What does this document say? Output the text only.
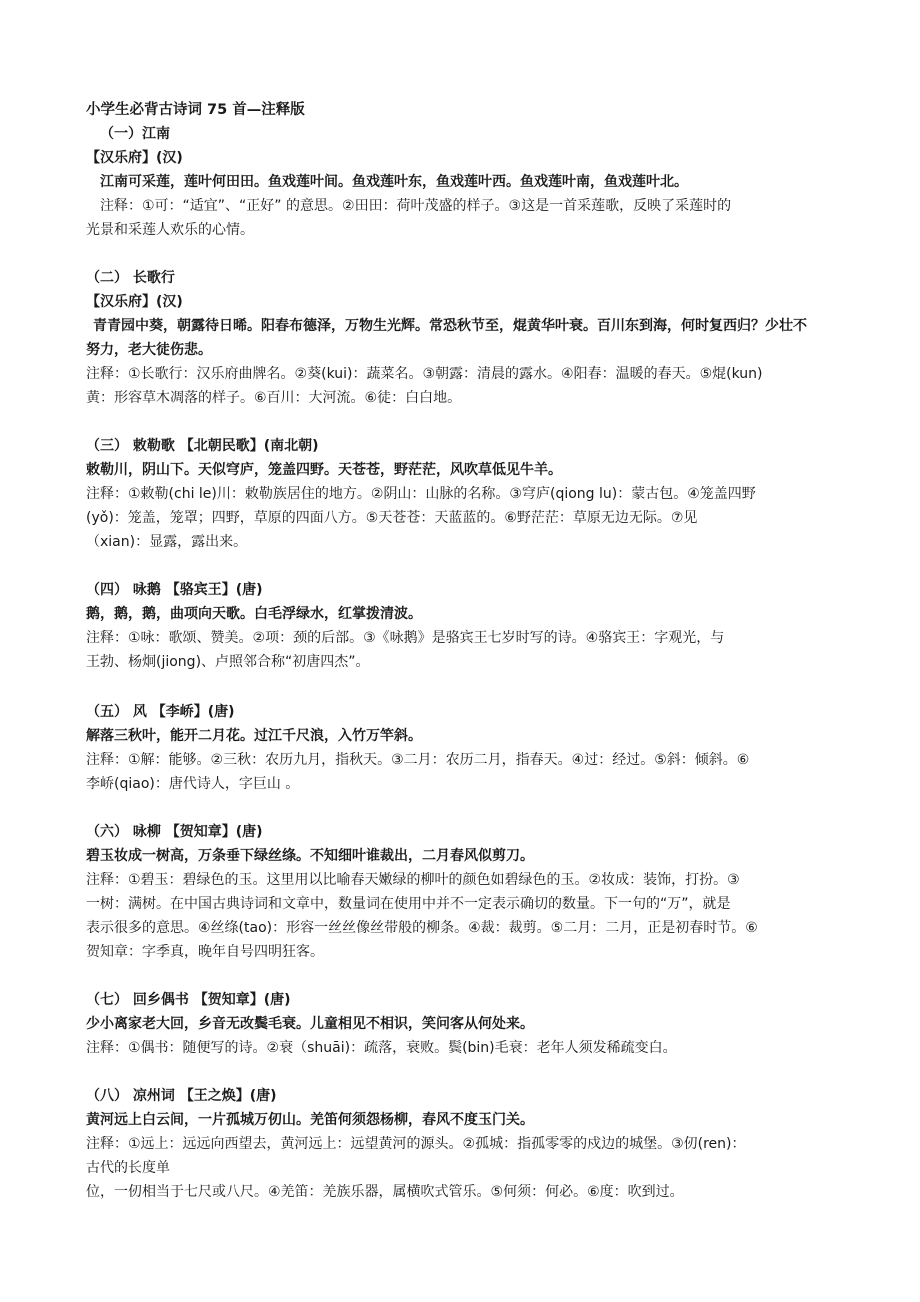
小学生必背古诗词 75 首—注释版
（一）江南
【汉乐府】(汉)
江南可采莲，莲叶何田田。鱼戏莲叶间。鱼戏莲叶东，鱼戏莲叶西。鱼戏莲叶南，鱼戏莲叶北。
注释：①可：“适宜”、“正好” 的意思。②田田：荷叶茂盛的样子。③这是一首采莲歌，反映了采莲时的
光景和采莲人欢乐的心情。
（二） 长歌行
【汉乐府】(汉)
青青园中葵，朝露待日晞。阳春布德泽，万物生光辉。常恐秋节至，焜黄华叶衰。百川东到海，何时复西归？少壮不
努力，老大徒伤悲。
注释：①长歌行：汉乐府曲牌名。②葵(kui)：蔬菜名。③朝露：清晨的露水。④阳春：温暖的春天。⑤焜(kun)
黄：形容草木凋落的样子。⑥百川：大河流。⑥徒：白白地。
（三） 敕勒歌 【北朝民歌】(南北朝)
敕勒川，阴山下。天似穹庐，笼盖四野。天苍苍，野茫茫，风吹草低见牛羊。
注释：①敕勒(chi le)川：敕勒族居住的地方。②阴山：山脉的名称。③穹庐(qiong lu)：蒙古包。④笼盖四野
(yǒ)：笼盖，笼罩；四野，草原的四面八方。⑤天苍苍：天蓝蓝的。⑥野茫茫：草原无边无际。⑦见
（xian)：显露，露出来。
（四） 咏鹅 【骆宾王】(唐)
鹅，鹅，鹅，曲项向天歌。白毛浮绿水，红掌拨清波。
注释：①咏：歌颂、赞美。②项：颈的后部。③《咏鹅》是骆宾王七岁时写的诗。④骆宾王：字观光，与
王勃、杨炯(jiong)、卢照邻合称“初唐四杰”。
（五） 风 【李峤】(唐)
解落三秋叶，能开二月花。过江千尺浪，入竹万竿斜。
注释：①解：能够。②三秋：农历九月，指秋天。③二月：农历二月，指春天。④过：经过。⑤斜：倾斜。⑥
李峤(qiao)：唐代诗人，字巨山 。
（六） 咏柳 【贺知章】(唐)
碧玉妆成一树高，万条垂下绿丝绦。不知细叶谁裁出，二月春风似剪刀。
注释：①碧玉：碧绿色的玉。这里用以比喻春天嫩绿的柳叶的颜色如碧绿色的玉。②妆成：装饰，打扮。③
一树：满树。在中国古典诗词和文章中，数量词在使用中并不一定表示确切的数量。下一句的“万”，就是
表示很多的意思。④丝绦(tao)：形容一丝丝像丝带般的柳条。④裁：裁剪。⑤二月：二月，正是初春时节。⑥
贺知章：字季真，晚年自号四明狂客。
（七） 回乡偶书 【贺知章】(唐)
少小离家老大回，乡音无改鬓毛衰。儿童相见不相识，笑问客从何处来。
注释：①偶书：随便写的诗。②衰（shuāi)：疏落，衰败。鬓(bin)毛衰：老年人须发稀疏变白。
（八） 凉州词 【王之焕】(唐)
黄河远上白云间，一片孤城万仞山。羌笛何须怨杨柳，春风不度玉门关。
注释：①远上：远远向西望去，黄河远上：远望黄河的源头。②孤城：指孤零零的戍边的城堡。③仞(ren)：
古代的长度单
位，一仞相当于七尺或八尺。④羌笛：羌族乐器，属横吹式管乐。⑤何须：何必。⑥度：吹到过。
